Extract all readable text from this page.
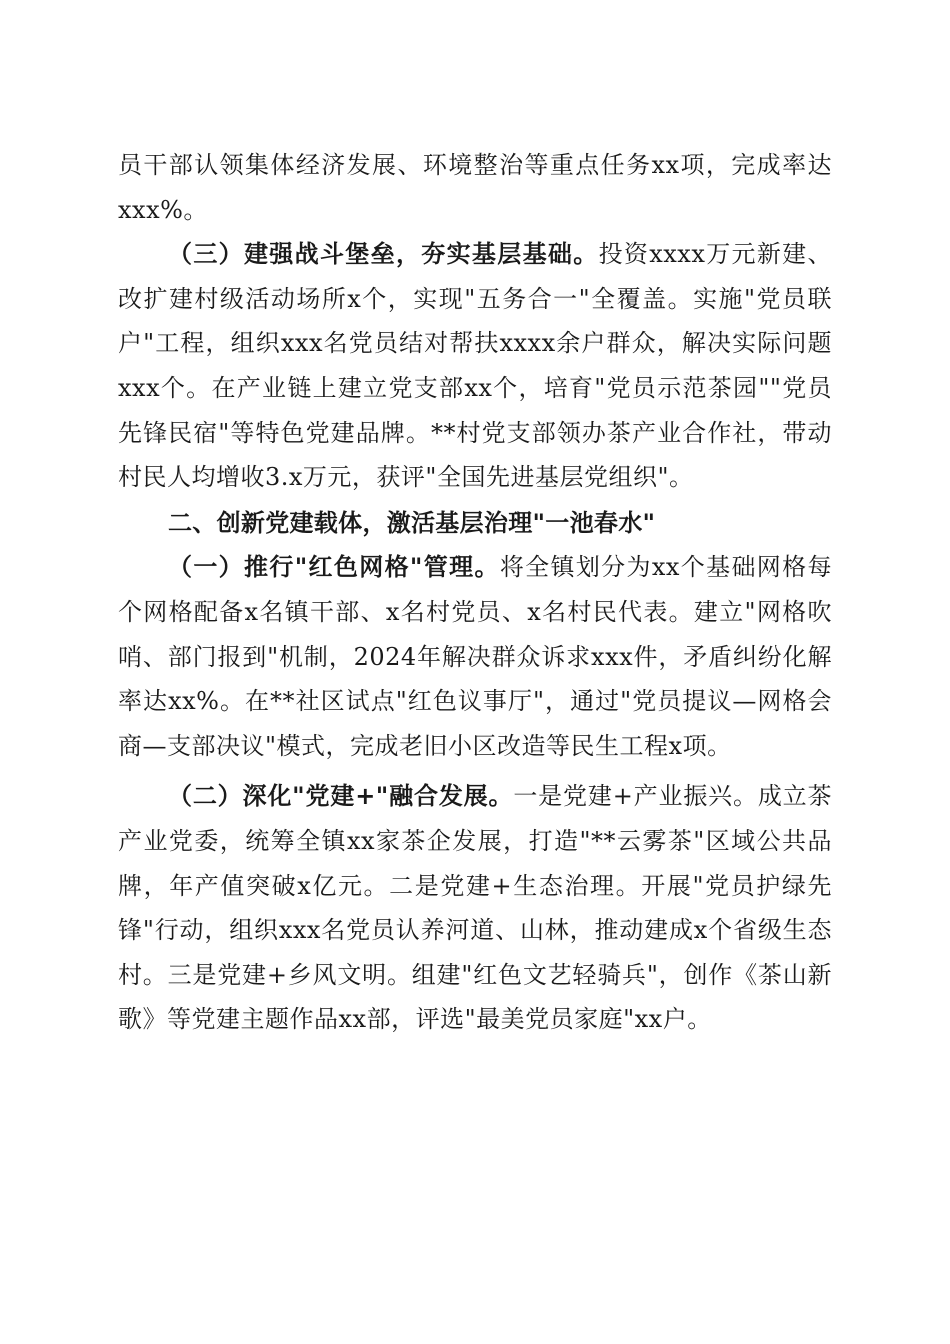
员干部认领集体经济发展、环境整治等重点任务xx项，完成率达xxx%。

（三）建强战斗堡垒，夯实基层基础。投资xxxx万元新建、改扩建村级活动场所x个，实现"五务合一"全覆盖。实施"党员联户"工程，组织xxx名党员结对帮扶xxxx余户群众，解决实际问题xxx个。在产业链上建立党支部xx个，培育"党员示范茶园""党员先锋民宿"等特色党建品牌。**村党支部领办茶产业合作社，带动村民人均增收3.x万元，获评"全国先进基层党组织"。

二、创新党建载体，激活基层治理"一池春水"

（一）推行"红色网格"管理。将全镇划分为xx个基础网格每个网格配备x名镇干部、x名村党员、x名村民代表。建立"网格吹哨、部门报到"机制，2024年解决群众诉求xxx件，矛盾纠纷化解率达xx%。在**社区试点"红色议事厅"，通过"党员提议—网格会商—支部决议"模式，完成老旧小区改造等民生工程x项。

（二）深化"党建+"融合发展。一是党建+产业振兴。成立茶产业党委，统筹全镇xx家茶企发展，打造"**云雾茶"区域公共品牌，年产值突破x亿元。二是党建+生态治理。开展"党员护绿先锋"行动，组织xxx名党员认养河道、山林，推动建成x个省级生态村。三是党建+乡风文明。组建"红色文艺轻骑兵"，创作《茶山新歌》等党建主题作品xx部，评选"最美党员家庭"xx户。
